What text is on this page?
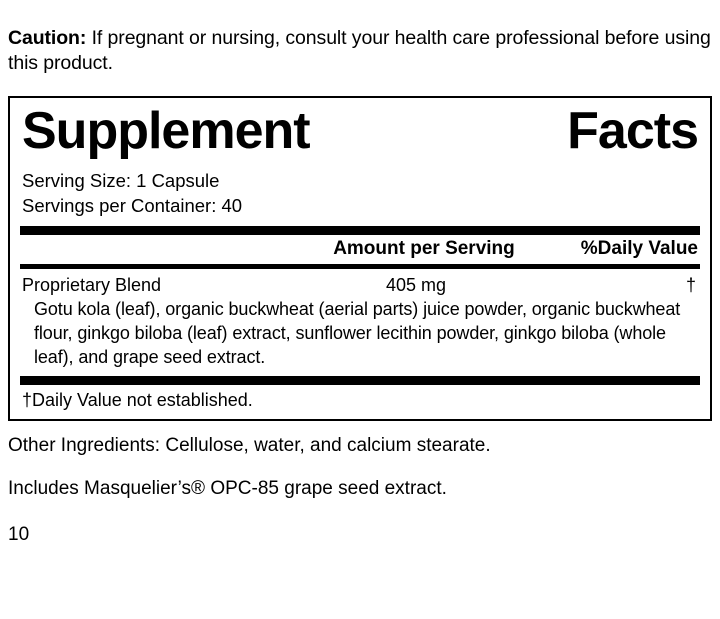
Caution: If pregnant or nursing, consult your health care professional before using this product.

Supplement	Facts
Serving Size: 1 Capsule
Servings per Container: 40
Amount per Serving	%Daily Value
Proprietary Blend	405 mg	†
Gotu kola (leaf), organic buckwheat (aerial parts) juice powder, organic buckwheat flour, ginkgo biloba (leaf) extract, sunflower lecithin powder, ginkgo biloba (whole leaf), and grape seed extract.
†Daily Value not established.

Other Ingredients: Cellulose, water, and calcium stearate.

Includes Masquelier’s® OPC-85 grape seed extract.

10
